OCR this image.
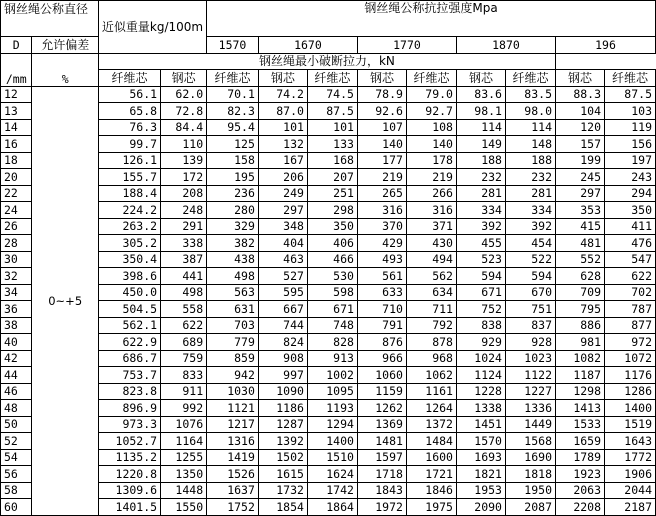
钢丝绳公称直径		近似重量kg/100m		钢丝绳公称抗拉强度Mpa								
D	允许偏差			1570	1670		1770		1870		196	
/mm	%	钢丝绳最小破断拉力，kN										
		纤维芯	钢芯	纤维芯	钢芯	纤维芯	钢芯	纤维芯	钢芯	纤维芯	钢芯	纤维芯
12	0~+5	56.1	62.0	70.1	74.2	74.5	78.9	79.0	83.6	83.5	88.3	87.5
13		65.8	72.8	82.3	87.0	87.5	92.6	92.7	98.1	98.0	104	103
14		76.3	84.4	95.4	101	101	107	108	114	114	120	119
16		99.7	110	125	132	133	140	140	149	148	157	156
18		126.1	139	158	167	168	177	178	188	188	199	197
20		155.7	172	195	206	207	219	219	232	232	245	243
22		188.4	208	236	249	251	265	266	281	281	297	294
24		224.2	248	280	297	298	316	316	334	334	353	350
26		263.2	291	329	348	350	370	371	392	392	415	411
28		305.2	338	382	404	406	429	430	455	454	481	476
30		350.4	387	438	463	466	493	494	523	522	552	547
32		398.6	441	498	527	530	561	562	594	594	628	622
34		450.0	498	563	595	598	633	634	671	670	709	702
36		504.5	558	631	667	671	710	711	752	751	795	787
38		562.1	622	703	744	748	791	792	838	837	886	877
40		622.9	689	779	824	828	876	878	929	928	981	972
42		686.7	759	859	908	913	966	968	1024	1023	1082	1072
44		753.7	833	942	997	1002	1060	1062	1124	1122	1187	1176
46		823.8	911	1030	1090	1095	1159	1161	1228	1227	1298	1286
48		896.9	992	1121	1186	1193	1262	1264	1338	1336	1413	1400
50		973.3	1076	1217	1287	1294	1369	1372	1451	1449	1533	1519
52		1052.7	1164	1316	1392	1400	1481	1484	1570	1568	1659	1643
54		1135.2	1255	1419	1502	1510	1597	1600	1693	1690	1789	1772
56		1220.8	1350	1526	1615	1624	1718	1721	1821	1818	1923	1906
58		1309.6	1448	1637	1732	1742	1843	1846	1953	1950	2063	2044
60		1401.5	1550	1752	1854	1864	1972	1975	2090	2087	2208	2187
